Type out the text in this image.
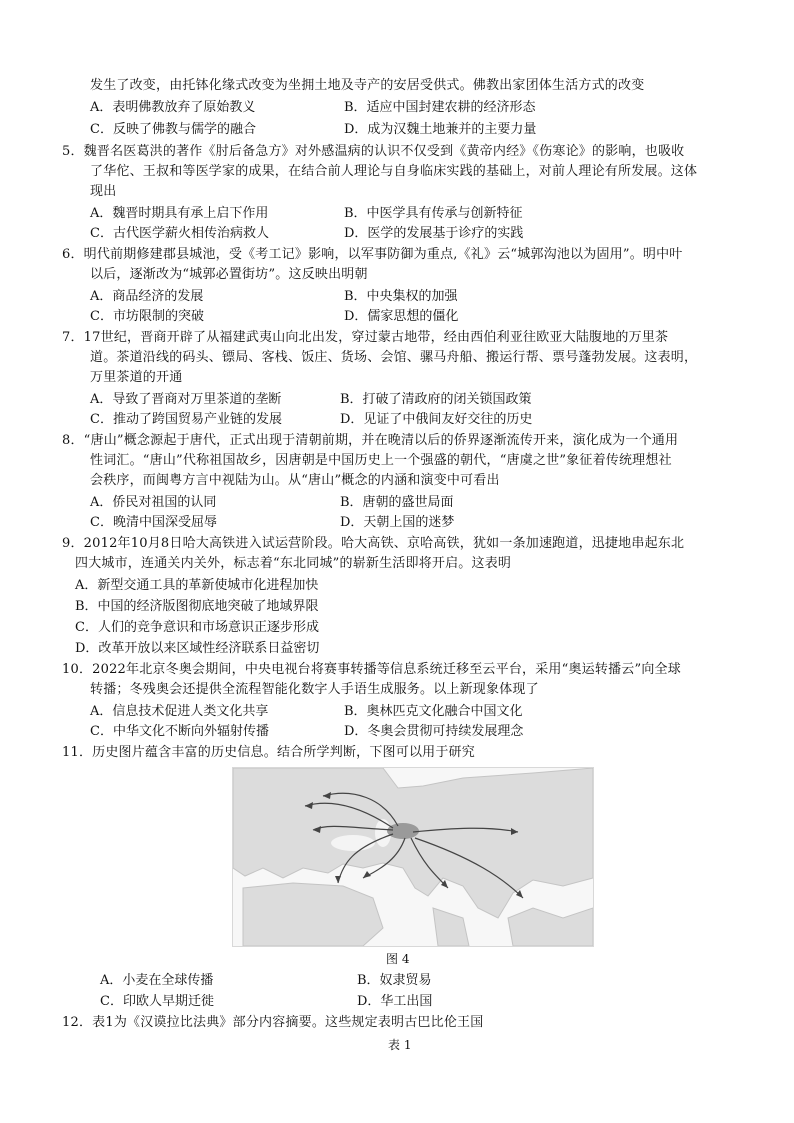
发生了改变，由托钵化缘式改变为坐拥土地及寺产的安居受供式。佛教出家团体生活方式的改变
A．表明佛教放弃了原始教义	B．适应中国封建农耕的经济形态
C．反映了佛教与儒学的融合	D．成为汉魏土地兼并的主要力量
5．魏晋名医葛洪的著作《肘后备急方》对外感温病的认识不仅受到《黄帝内经》《伤寒论》的影响，也吸收
了华佗、王叔和等医学家的成果，在结合前人理论与自身临床实践的基础上，对前人理论有所发展。这体
现出
A．魏晋时期具有承上启下作用	B．中医学具有传承与创新特征
C．古代医学薪火相传治病救人	D．医学的发展基于诊疗的实践
6．明代前期修建郡县城池，受《考工记》影响，以军事防御为重点,《礼》云“城郭沟池以为固用”。明中叶
以后，逐渐改为“城郭必置街坊”。这反映出明朝
A．商品经济的发展	B．中央集权的加强
C．市坊限制的突破	D．儒家思想的僵化
7．17世纪，晋商开辟了从福建武夷山向北出发，穿过蒙古地带，经由西伯利亚往欧亚大陆腹地的万里茶
道。茶道沿线的码头、镖局、客栈、饭庄、货场、会馆、骡马舟船、搬运行帮、票号蓬勃发展。这表明，
万里茶道的开通
A．导致了晋商对万里茶道的垄断	B．打破了清政府的闭关锁国政策
C．推动了跨国贸易产业链的发展	D．见证了中俄间友好交往的历史
8．“唐山”概念源起于唐代，正式出现于清朝前期，并在晚清以后的侨界逐渐流传开来，演化成为一个通用
性词汇。“唐山”代称祖国故乡，因唐朝是中国历史上一个强盛的朝代，“唐虞之世”象征着传统理想社
会秩序，而闽粤方言中视陆为山。从“唐山”概念的内涵和演变中可看出
A．侨民对祖国的认同	B．唐朝的盛世局面
C．晚清中国深受屈辱	D．天朝上国的迷梦
9．2012年10月8日哈大高铁进入试运营阶段。哈大高铁、京哈高铁，犹如一条加速跑道，迅捷地串起东北
四大城市，连通关内关外，标志着“东北同城”的崭新生活即将开启。这表明
A．新型交通工具的革新使城市化进程加快
B．中国的经济版图彻底地突破了地域界限
C．人们的竞争意识和市场意识正逐步形成
D．改革开放以来区域性经济联系日益密切
10．2022年北京冬奥会期间，中央电视台将赛事转播等信息系统迁移至云平台，采用“奥运转播云”向全球
转播；冬残奥会还提供全流程智能化数字人手语生成服务。以上新现象体现了
A．信息技术促进人类文化共享	B．奥林匹克文化融合中国文化
C．中华文化不断向外辐射传播	D．冬奥会贯彻可持续发展理念
11．历史图片蕴含丰富的历史信息。结合所学判断，下图可以用于研究
图 4
A．小麦在全球传播	B．奴隶贸易
C．印欧人早期迁徙	D．华工出国
12．表1为《汉谟拉比法典》部分内容摘要。这些规定表明古巴比伦王国
表 1
